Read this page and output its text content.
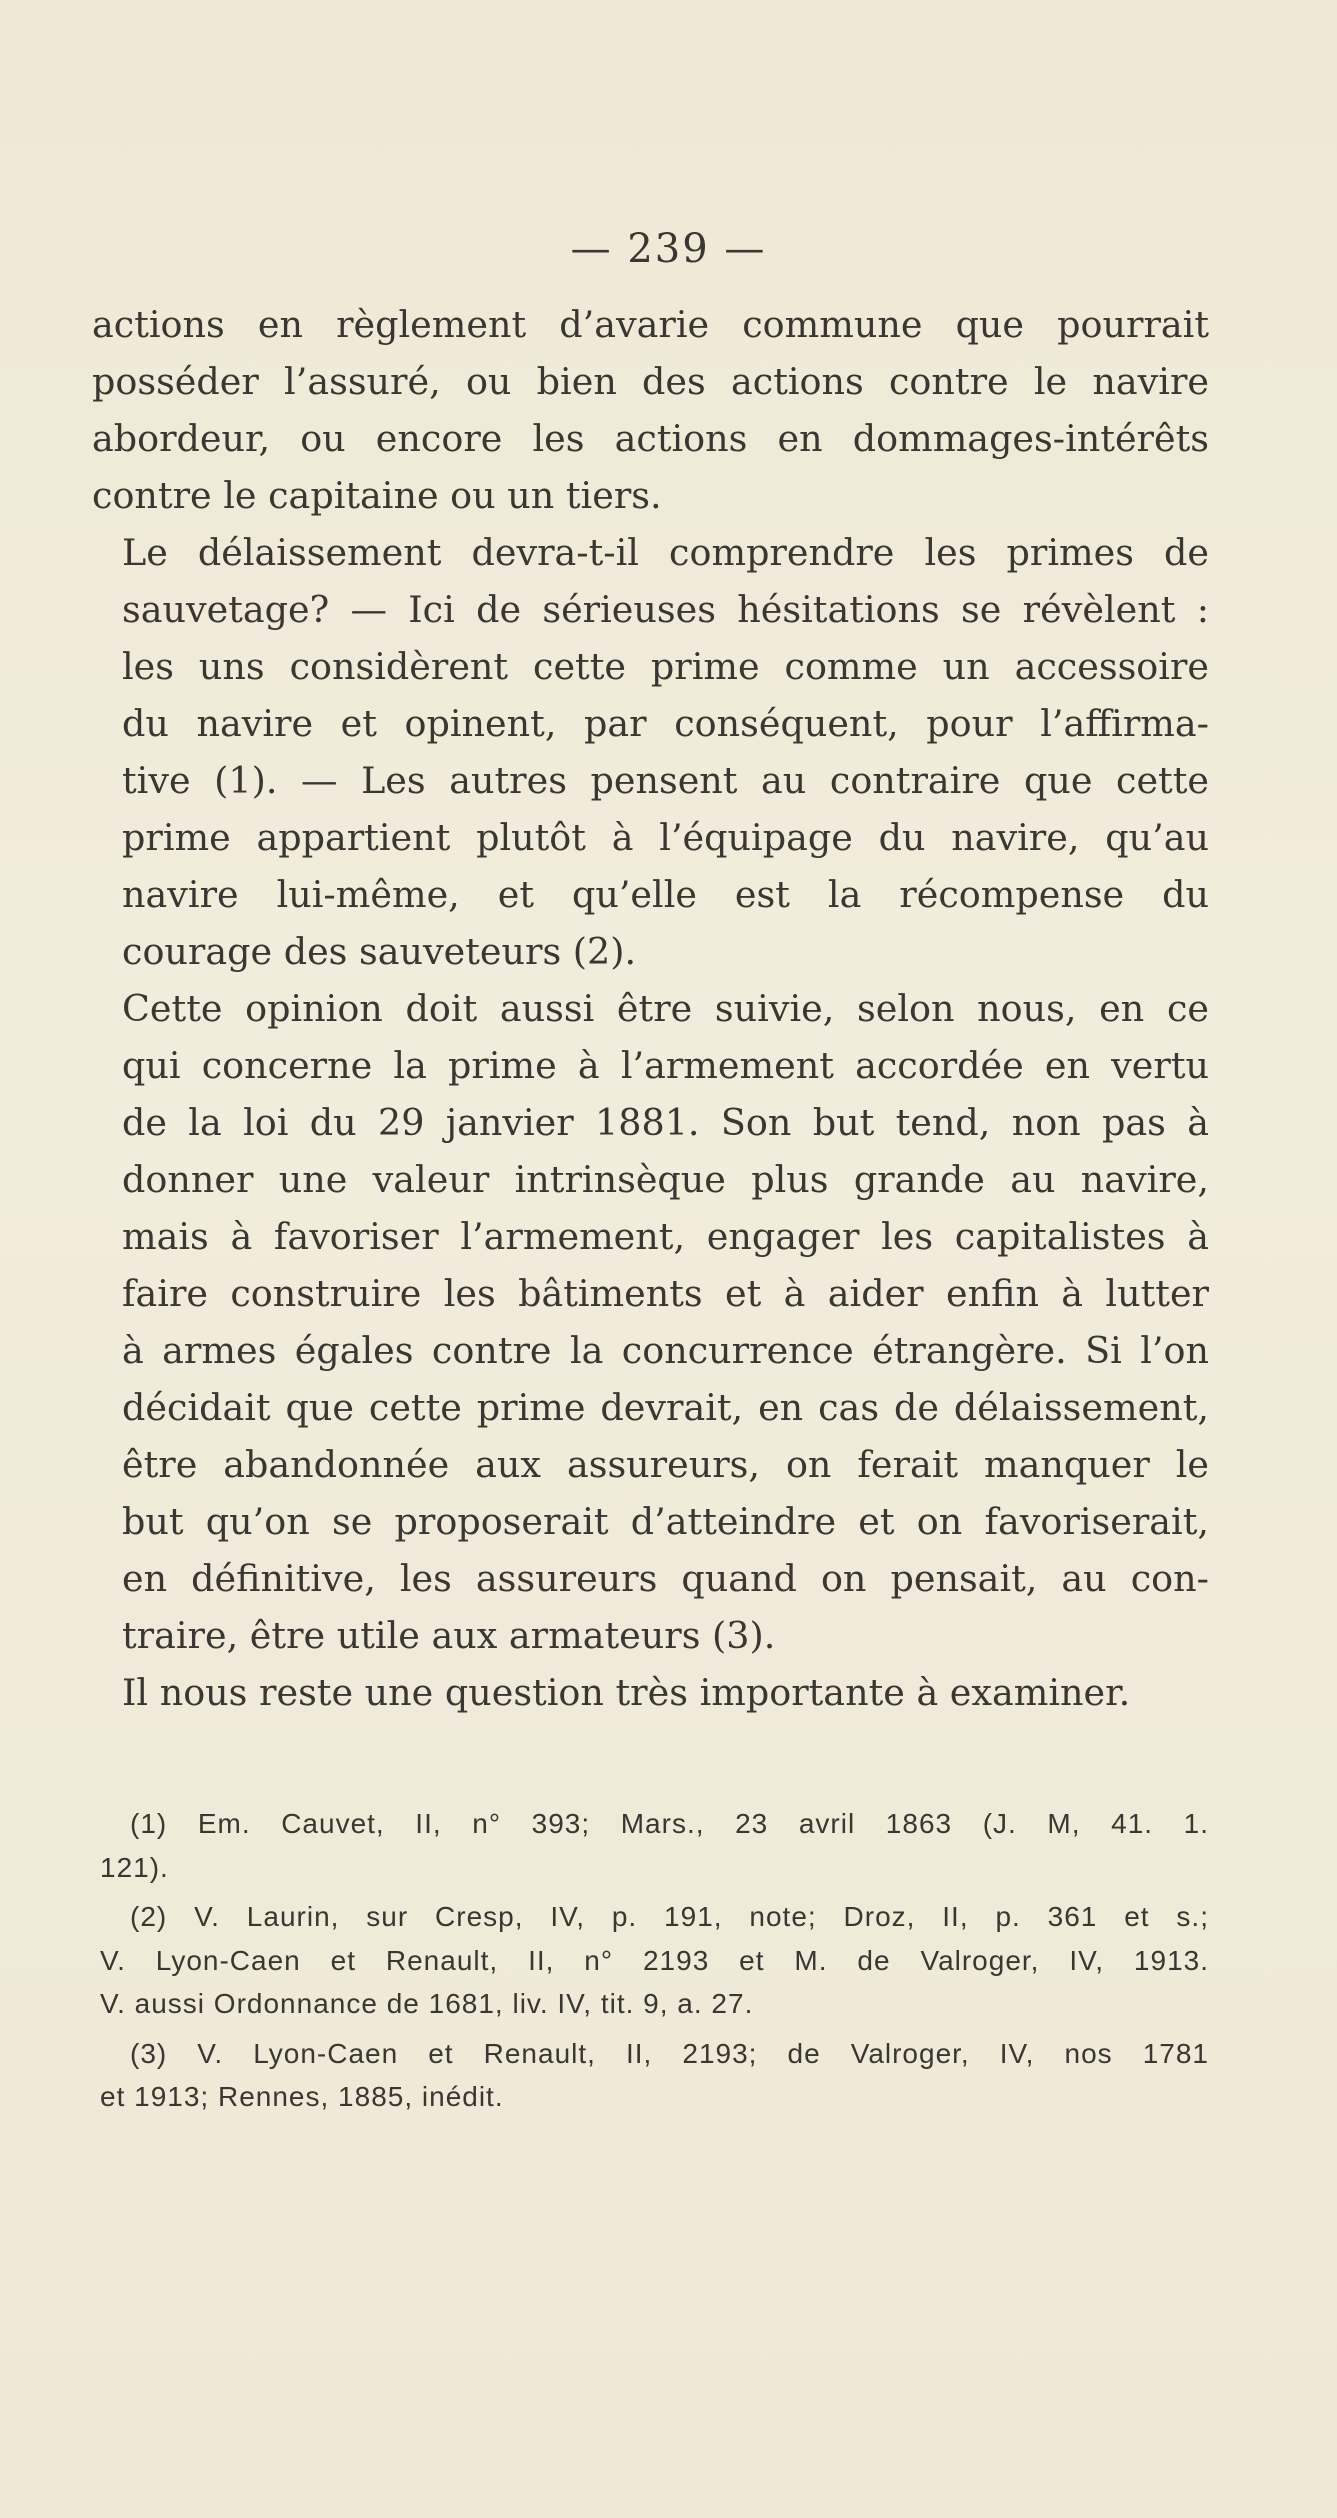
— 239 —

actions en règlement d’avarie commune que pourrait
posséder l’assuré, ou bien des actions contre le navire
abordeur, ou encore les actions en dommages-intérêts
contre le capitaine ou un tiers.

Le délaissement devra-t-il comprendre les primes de
sauvetage? — Ici de sérieuses hésitations se révèlent :
les uns considèrent cette prime comme un accessoire
du navire et opinent, par conséquent, pour l’affirma-
tive (1). — Les autres pensent au contraire que cette
prime appartient plutôt à l’équipage du navire, qu’au
navire lui-même, et qu’elle est la récompense du
courage des sauveteurs (2).

Cette opinion doit aussi être suivie, selon nous, en ce
qui concerne la prime à l’armement accordée en vertu
de la loi du 29 janvier 1881. Son but tend, non pas à
donner une valeur intrinsèque plus grande au navire,
mais à favoriser l’armement, engager les capitalistes à
faire construire les bâtiments et à aider enfin à lutter
à armes égales contre la concurrence étrangère. Si l’on
décidait que cette prime devrait, en cas de délaissement,
être abandonnée aux assureurs, on ferait manquer le
but qu’on se proposerait d’atteindre et on favoriserait,
en définitive, les assureurs quand on pensait, au con-
traire, être utile aux armateurs (3).

Il nous reste une question très importante à examiner.

(1) Em. Cauvet, II, n° 393; Mars., 23 avril 1863 (J. M, 41. 1.
121).
(2) V. Laurin, sur Cresp, IV, p. 191, note; Droz, II, p. 361 et s.;
V. Lyon-Caen et Renault, II, n° 2193 et M. de Valroger, IV, 1913.
V. aussi Ordonnance de 1681, liv. IV, tit. 9, a. 27.
(3) V. Lyon-Caen et Renault, II, 2193; de Valroger, IV, nos 1781
et 1913; Rennes, 1885, inédit.
